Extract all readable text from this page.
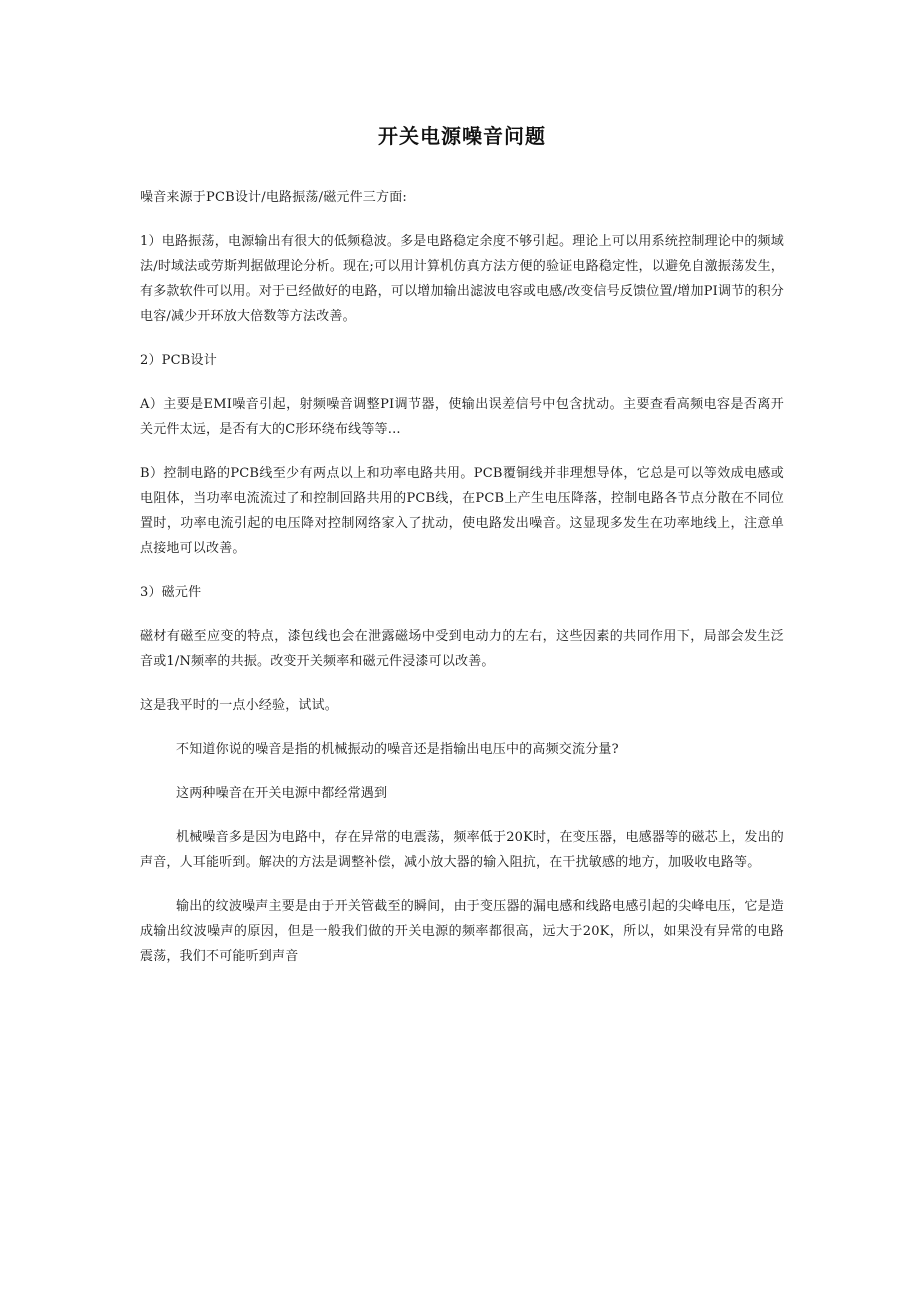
开关电源噪音问题

噪音来源于PCB设计/电路振荡/磁元件三方面:

1）电路振荡，电源输出有很大的低频稳波。多是电路稳定余度不够引起。理论上可以用系统控制理论中的频域法/时域法或劳斯判据做理论分析。现在;可以用计算机仿真方法方便的验证电路稳定性，以避免自激振荡发生，有多款软件可以用。对于已经做好的电路，可以增加输出滤波电容或电感/改变信号反馈位置/增加PI调节的积分电容/减少开环放大倍数等方法改善。

2）PCB设计

A）主要是EMI噪音引起，射频噪音调整PI调节器，使输出误差信号中包含扰动。主要查看高频电容是否离开关元件太远，是否有大的C形环绕布线等等...

B）控制电路的PCB线至少有两点以上和功率电路共用。PCB覆铜线并非理想导体，它总是可以等效成电感或电阻体，当功率电流流过了和控制回路共用的PCB线，在PCB上产生电压降落，控制电路各节点分散在不同位置时，功率电流引起的电压降对控制网络家入了扰动，使电路发出噪音。这显现多发生在功率地线上，注意单点接地可以改善。

3）磁元件

磁材有磁至应变的特点，漆包线也会在泄露磁场中受到电动力的左右，这些因素的共同作用下，局部会发生泛音或1/N频率的共振。改变开关频率和磁元件浸漆可以改善。

这是我平时的一点小经验，试试。

不知道你说的噪音是指的机械振动的噪音还是指输出电压中的高频交流分量?

这两种噪音在开关电源中都经常遇到

机械噪音多是因为电路中，存在异常的电震荡，频率低于20K时，在变压器，电感器等的磁芯上，发出的声音，人耳能听到。解决的方法是调整补偿，减小放大器的输入阻抗，在干扰敏感的地方，加吸收电路等。

输出的纹波噪声主要是由于开关管截至的瞬间，由于变压器的漏电感和线路电感引起的尖峰电压，它是造成输出纹波噪声的原因，但是一般我们做的开关电源的频率都很高，远大于20K，所以，如果没有异常的电路震荡，我们不可能听到声音
